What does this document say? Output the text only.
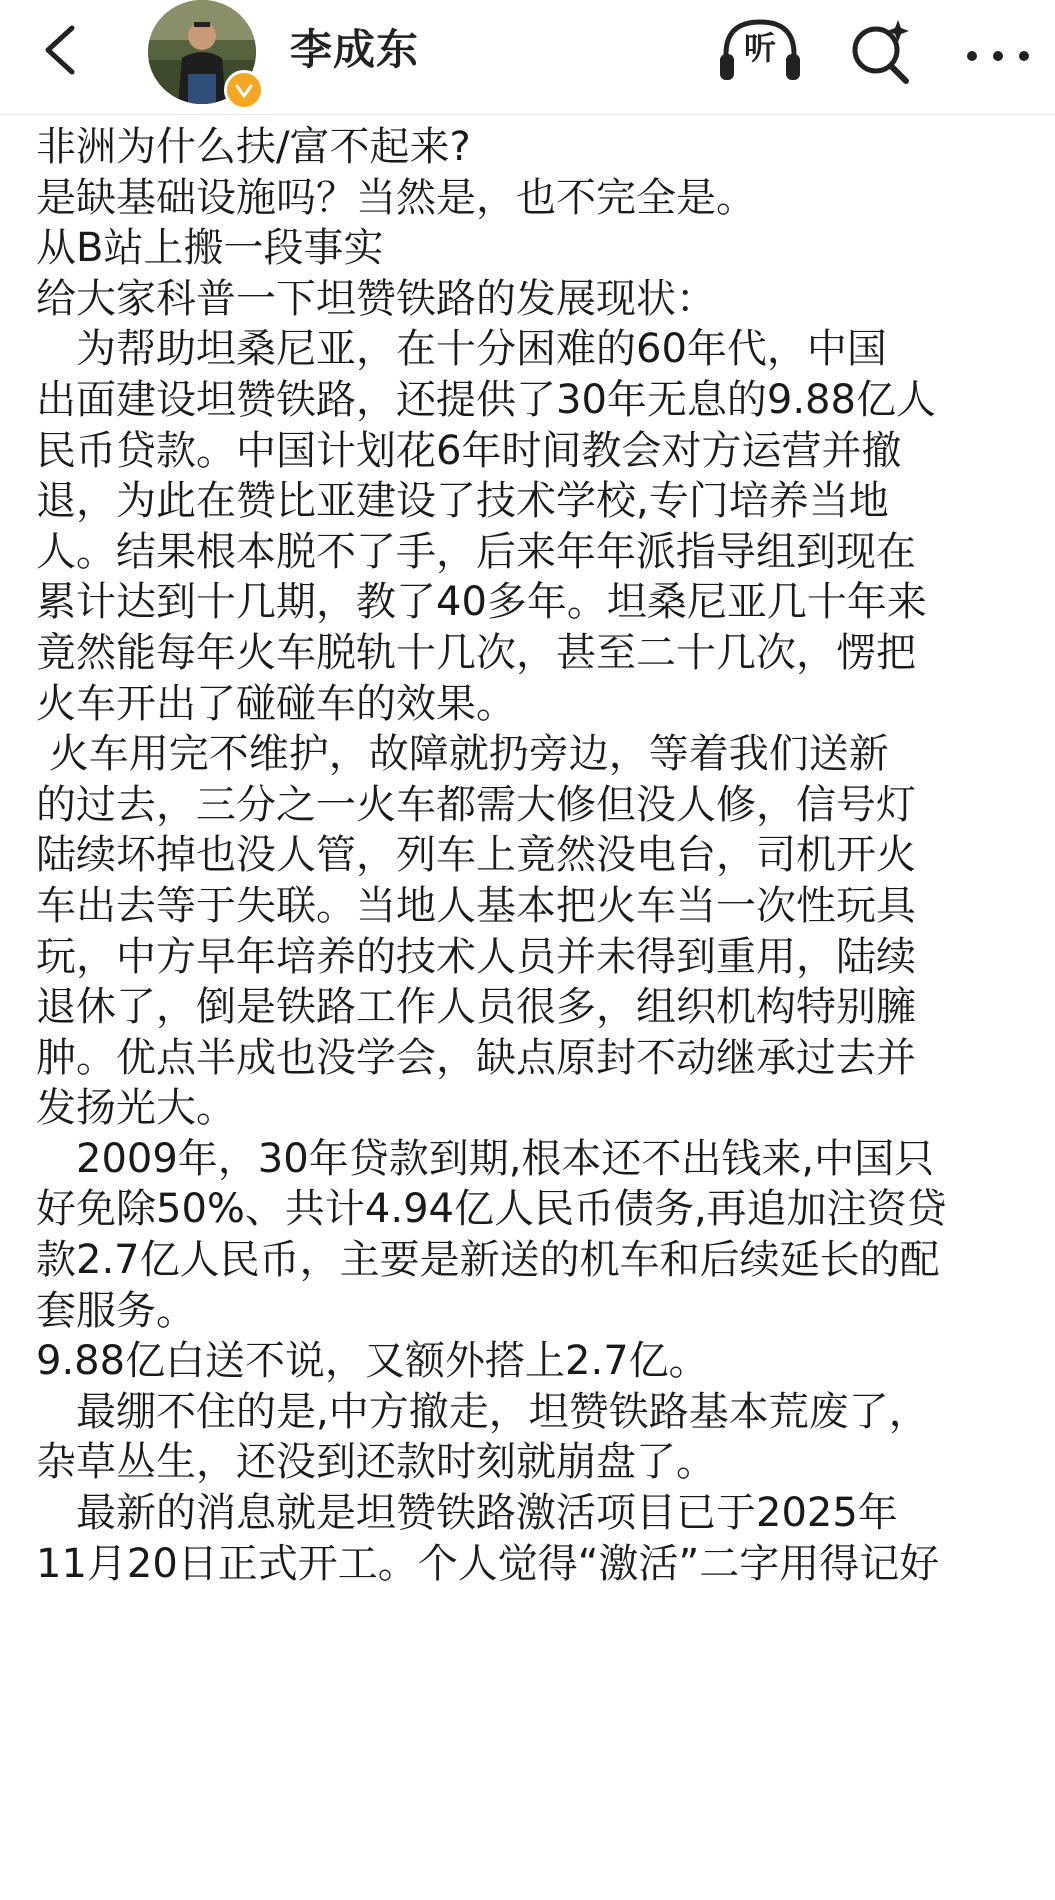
李成东	听

非洲为什么扶/富不起来?

是缺基础设施吗？当然是，也不完全是。

从B站上搬一段事实

给大家科普一下坦赞铁路的发展现状：

　为帮助坦桑尼亚，在十分困难的60年代，中国

出面建设坦赞铁路，还提供了30年无息的9.88亿人

民币贷款。中国计划花6年时间教会对方运营并撤

退，为此在赞比亚建设了技术学校,专门培养当地

人。结果根本脱不了手，后来年年派指导组到现在

累计达到十几期，教了40多年。坦桑尼亚几十年来

竟然能每年火车脱轨十几次，甚至二十几次，愣把

火车开出了碰碰车的效果。

火车用完不维护，故障就扔旁边，等着我们送新

的过去，三分之一火车都需大修但没人修，信号灯

陆续坏掉也没人管，列车上竟然没电台，司机开火

车出去等于失联。当地人基本把火车当一次性玩具

玩，中方早年培养的技术人员并未得到重用，陆续

退休了，倒是铁路工作人员很多，组织机构特别臃

肿。优点半成也没学会，缺点原封不动继承过去并

发扬光大。

　2009年，30年贷款到期,根本还不出钱来,中国只

好免除50%、共计4.94亿人民币债务,再追加注资贷

款2.7亿人民币，主要是新送的机车和后续延长的配

套服务。

9.88亿白送不说，又额外搭上2.7亿。

　最绷不住的是,中方撤走，坦赞铁路基本荒废了，

杂草丛生，还没到还款时刻就崩盘了。

　最新的消息就是坦赞铁路激活项目已于2025年

11月20日正式开工。个人觉得“激活”二字用得记好
